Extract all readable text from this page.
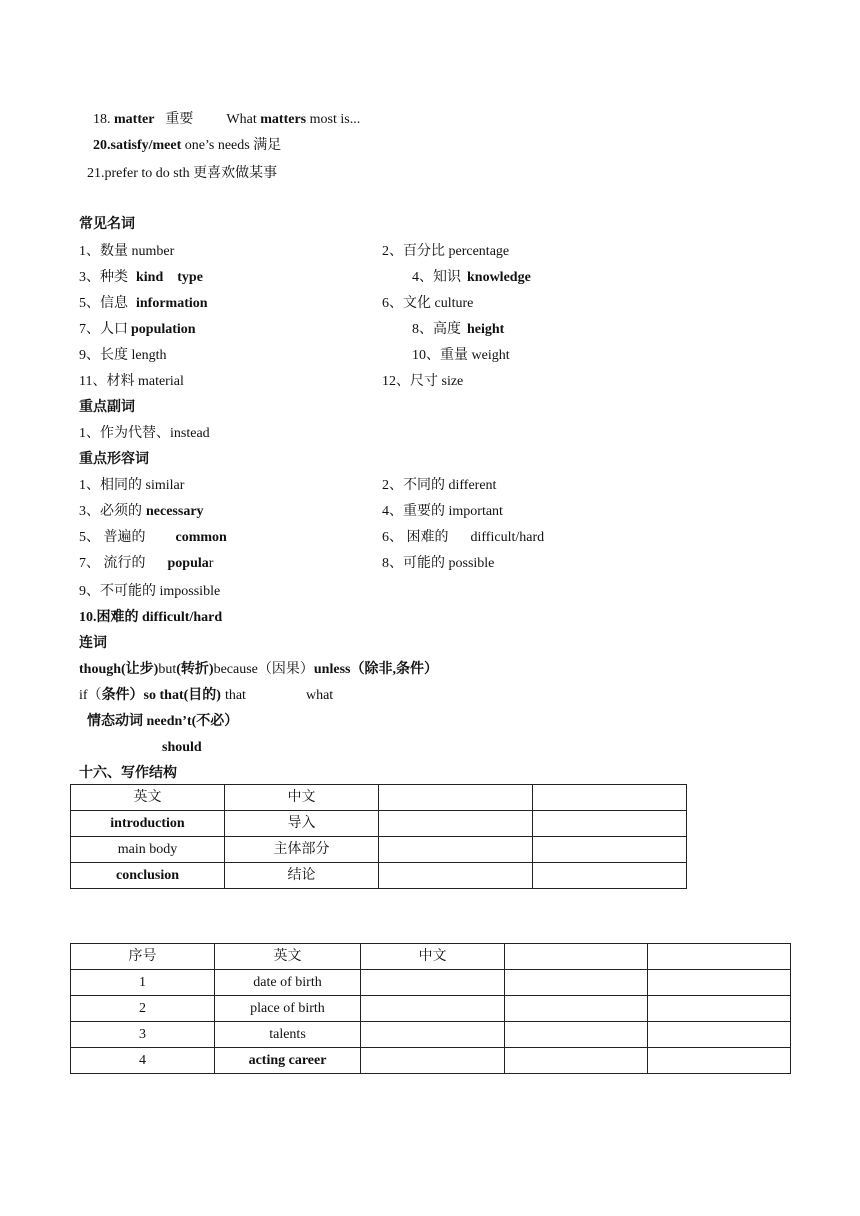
18. matter 重要 What matters most is...
20.satisfy/meet one’s needs 满足
21.prefer to do sth 更喜欢做某事
常见名词
1、数量 number	2、百分比 percentage
3、种类 kind type	4、知识 knowledge
5、信息 information	6、文化 culture
7、人口 population	8、高度 height
9、长度 length	10、重量 weight
11、材料 material	12、尺寸 size
重点副词
1、作为代替、instead
重点形容词
1、相同的 similar	2、不同的 different
3、必须的 necessary	4、重要的 important
5、 普遍的 common	6、 困难的 difficult/hard
7、 流行的 popular	8、可能的 possible
9、不可能的 impossible
10.困难的 difficult/hard
连词
though(让步)but(转折)because（因果）unless（除非,条件）
if（条件）so that(目的) that	what
情态动词 needn’t(不必）
should
十六、写作结构
英文	中文		
introduction	导入		
main body	主体部分		
conclusion	结论		
序号	英文	中文		
1	date of birth			
2	place of birth			
3	talents			
4	acting career			
